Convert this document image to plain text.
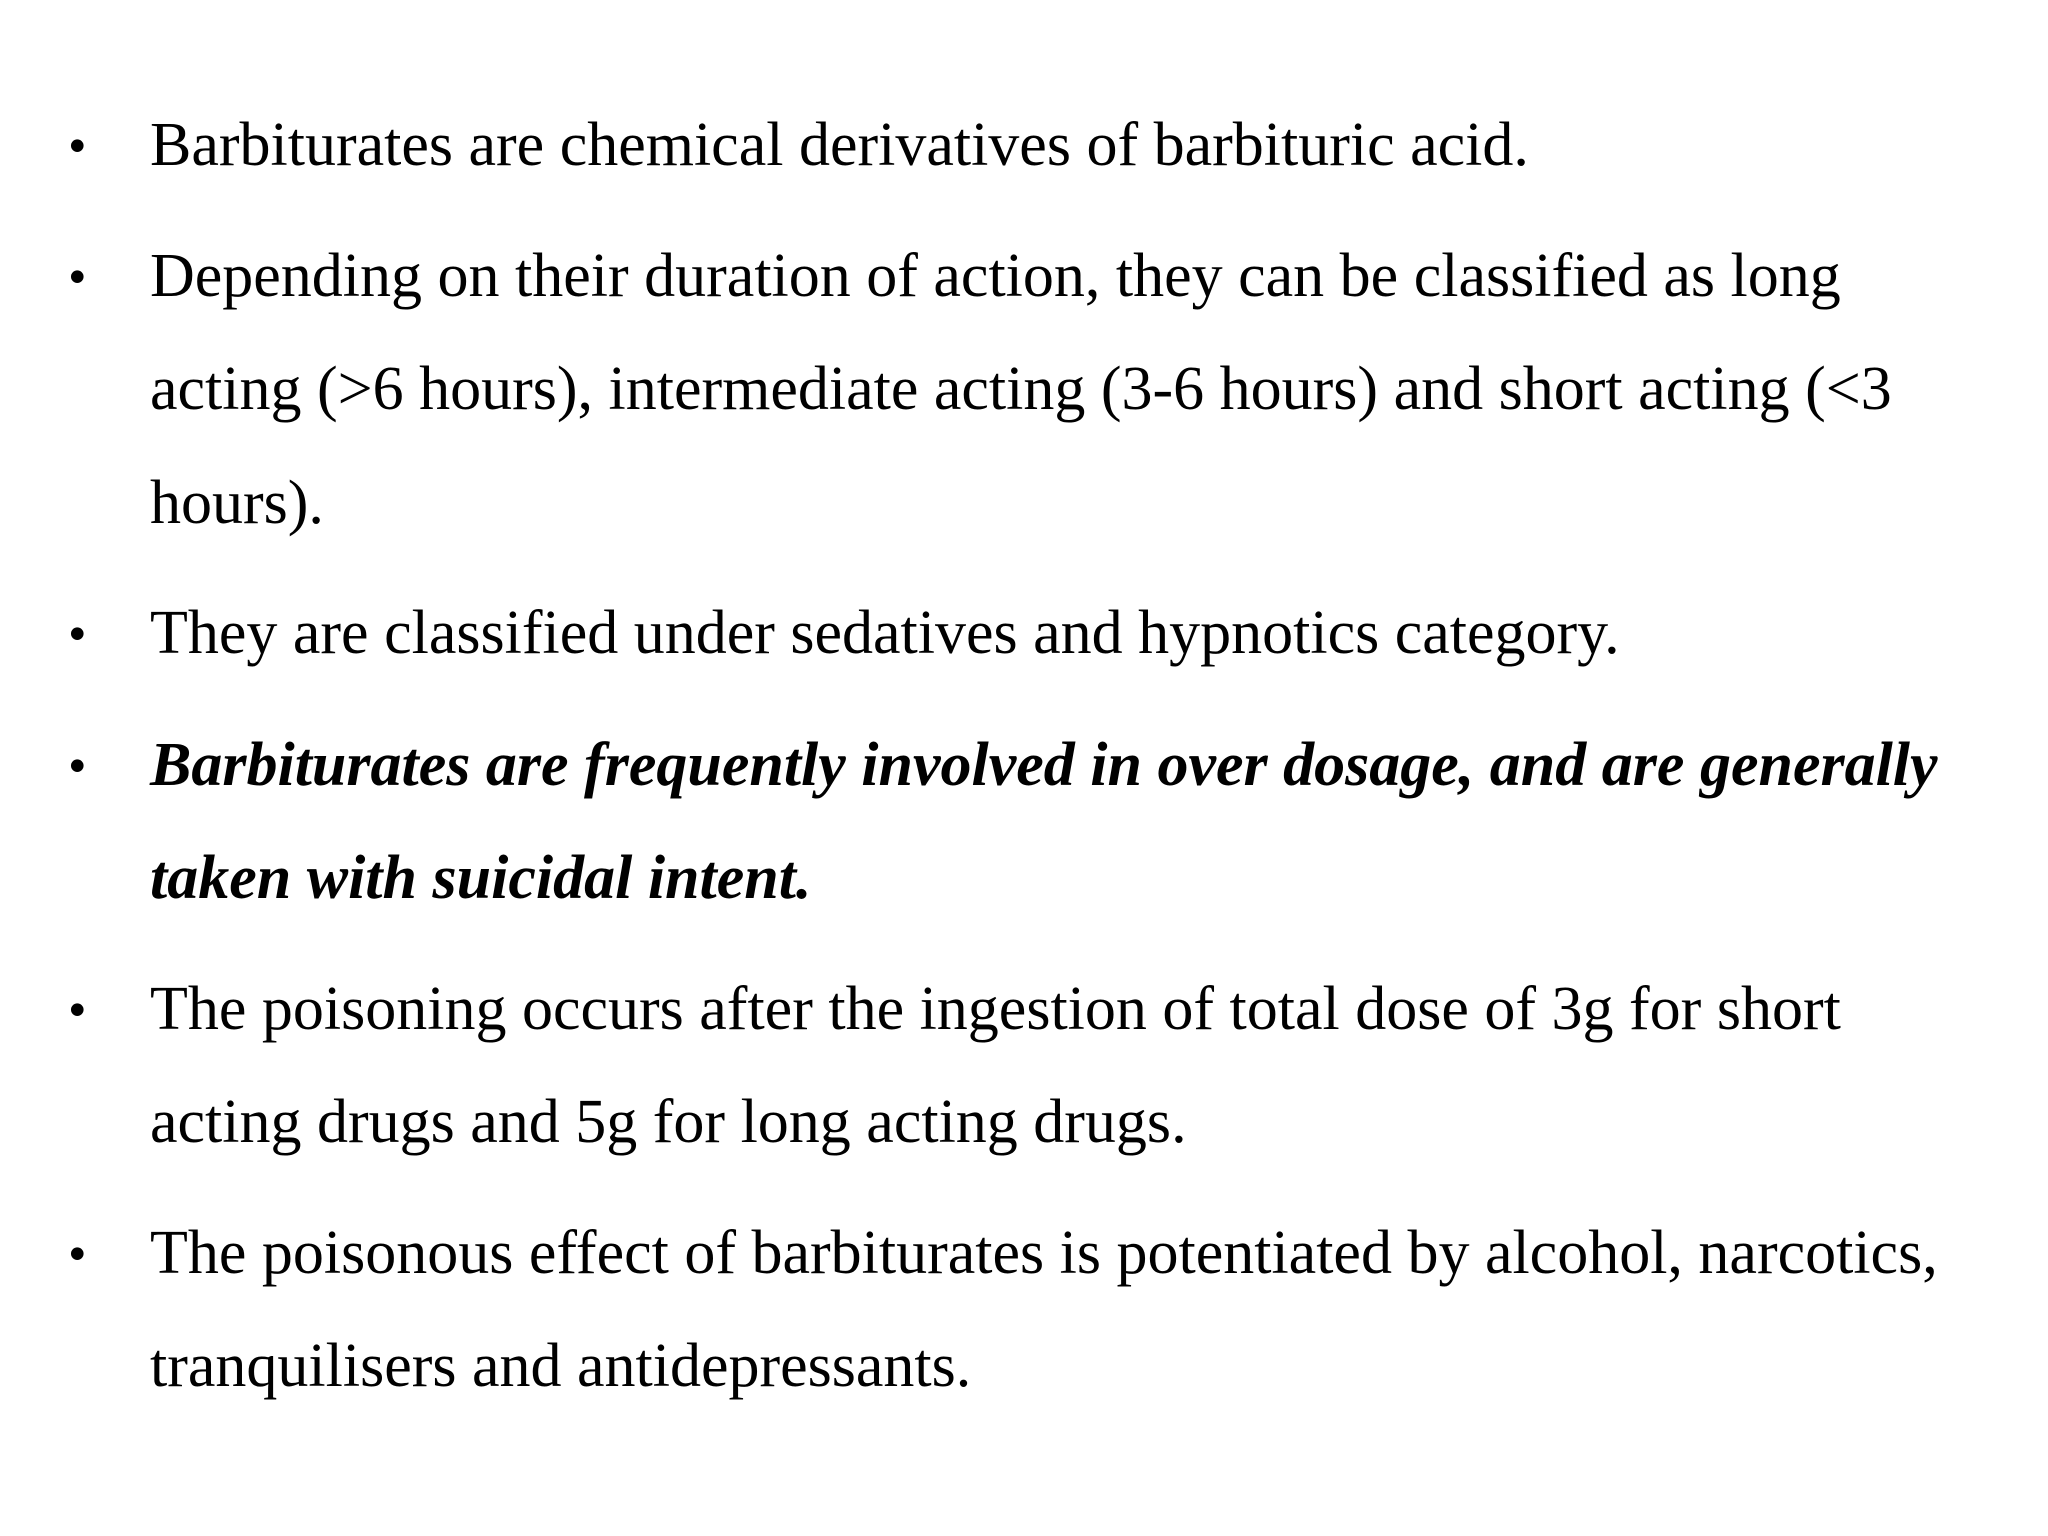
• Barbiturates are chemical derivatives of barbituric acid.
• Depending on their duration of action, they can be classified as long
acting (>6 hours), intermediate acting (3-6 hours) and short acting (<3
hours).
• They are classified under sedatives and hypnotics category.
• Barbiturates are frequently involved in over dosage, and are generally
taken with suicidal intent.
• The poisoning occurs after the ingestion of total dose of 3g for short
acting drugs and 5g for long acting drugs.
• The poisonous effect of barbiturates is potentiated by alcohol, narcotics,
tranquilisers and antidepressants.
